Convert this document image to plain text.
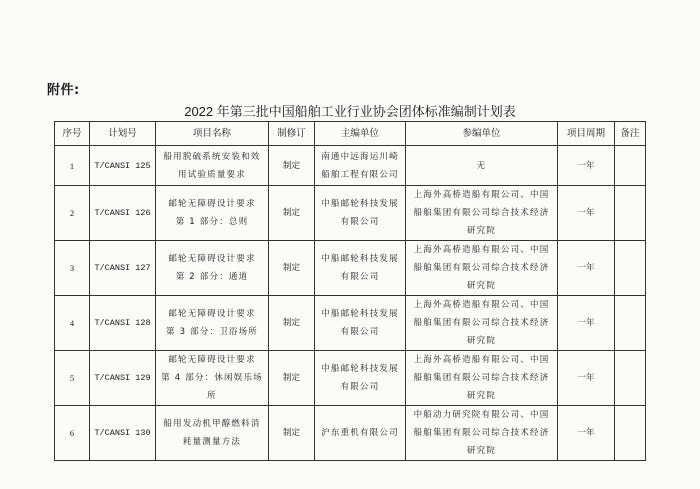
附件:
2022 年第三批中国船舶工业行业协会团体标准编制计划表
序号	计划号	项目名称	制修订	主编单位	参编单位	项目周期	备注
1	T/CANSI 125	船用脱硫系统安装和效用试验质量要求	制定	南通中远海运川崎船舶工程有限公司	无	一年	
2	T/CANSI 126	邮轮无障碍设计要求　第 1 部分：总则	制定	中船邮轮科技发展有限公司	上海外高桥造船有限公司、中国船舶集团有限公司综合技术经济研究院	一年	
3	T/CANSI 127	邮轮无障碍设计要求　第 2 部分：通道	制定	中船邮轮科技发展有限公司	上海外高桥造船有限公司、中国船舶集团有限公司综合技术经济研究院	一年	
4	T/CANSI 128	邮轮无障碍设计要求　第 3 部分：卫浴场所	制定	中船邮轮科技发展有限公司	上海外高桥造船有限公司、中国船舶集团有限公司综合技术经济研究院	一年	
5	T/CANSI 129	邮轮无障碍设计要求　第 4 部分：休闲娱乐场所	制定	中船邮轮科技发展有限公司	上海外高桥造船有限公司、中国船舶集团有限公司综合技术经济研究院	一年	
6	T/CANSI 130	船用发动机甲醇燃料消耗量测量方法	制定	沪东重机有限公司	中船动力研究院有限公司、中国船舶集团有限公司综合技术经济研究院	一年	
